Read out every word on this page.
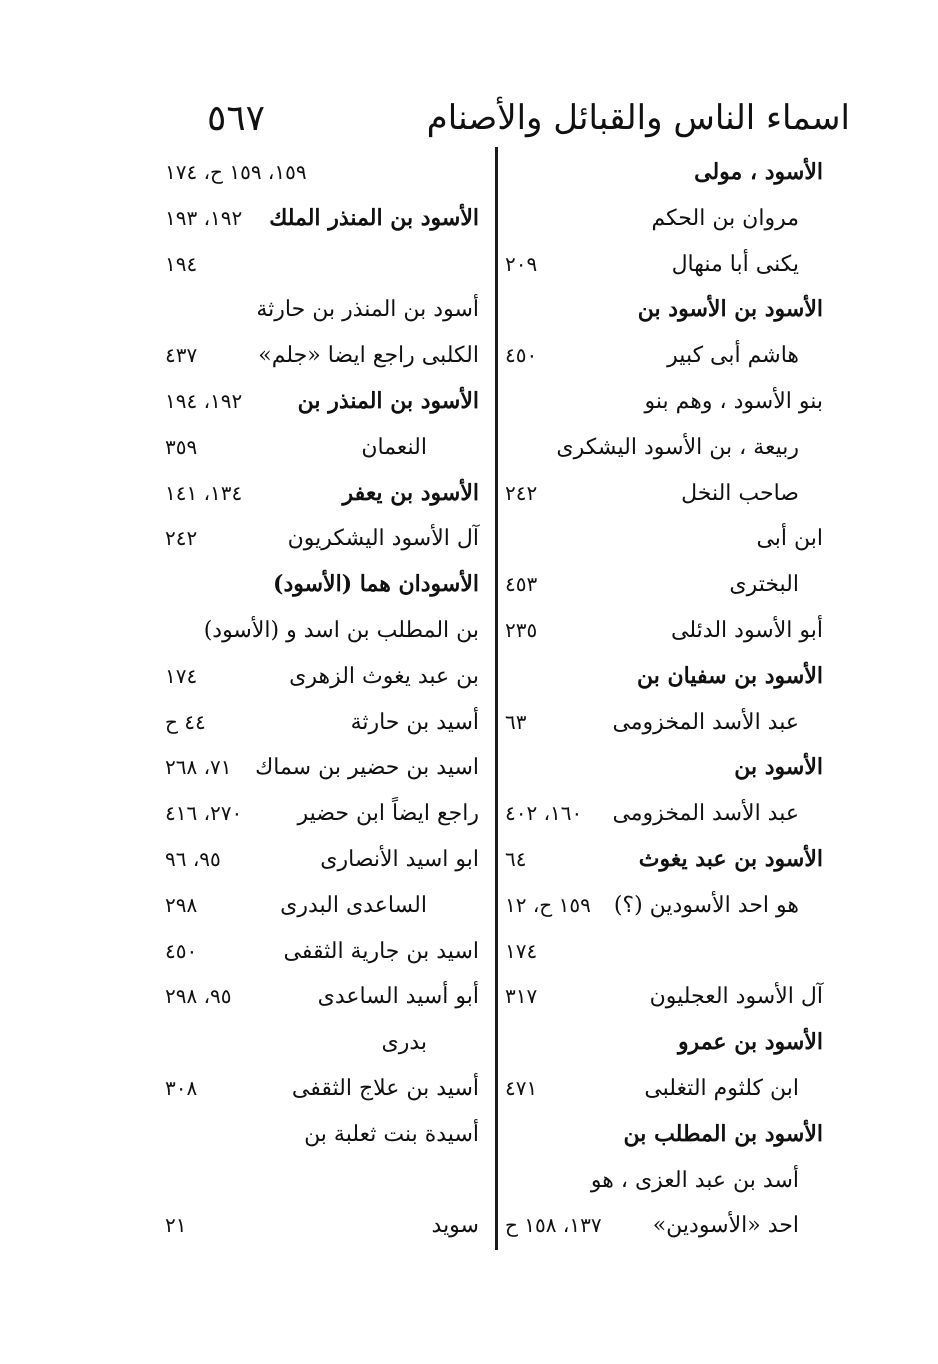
اسماء الناس والقبائل والأصنام
٥٦٧
الأسود ، مولى
مروان بن الحكم
يكنى أبا منهال
٢٠٩
الأسود بن الأسود بن
هاشم أبى كبير
٤٥٠
بنو الأسود ، وهم بنو
ربيعة ، بن الأسود اليشكرى
صاحب النخل
٢٤٢
ابن أبى
البخترى
٤٥٣
أبو الأسود الدئلى
٢٣٥
الأسود بن سفيان بن
عبد الأسد المخزومى
٦٣
الأسود بن
عبد الأسد المخزومى
١٦٠، ٤٠٢
الأسود بن عبد يغوث
٦٤
هو احد الأسودين (؟)
١٥٩ ح، ١٢
١٧٤
آل الأسود العجليون
٣١٧
الأسود بن عمرو
ابن كلثوم التغلبى
٤٧١
الأسود بن المطلب بن
أسد بن عبد العزى ، هو
احد «الأسودين»
١٣٧، ١٥٨ ح
١٥٩، ١٥٩ ح، ١٧٤
الأسود بن المنذر الملك
١٩٢، ١٩٣
١٩٤
أسود بن المنذر بن حارثة
الكلبى راجع ايضا «جلم»
٤٣٧
الأسود بن المنذر بن
١٩٢، ١٩٤
النعمان
٣٥٩
الأسود بن يعفر
١٣٤، ١٤١
آل الأسود اليشكريون
٢٤٢
الأسودان هما (الأسود)
بن المطلب بن اسد و (الأسود)
بن عبد يغوث الزهرى
١٧٤
أسيد بن حارثة
٤٤ ح
اسيد بن حضير بن سماك
٧١، ٢٦٨
راجع ايضاً ابن حضير
٢٧٠، ٤١٦
ابو اسيد الأنصارى
٩٥، ٩٦
الساعدى البدرى
٢٩٨
اسيد بن جارية الثقفى
٤٥٠
أبو أسيد الساعدى
٩٥، ٢٩٨
بدرى
أسيد بن علاج الثقفى
٣٠٨
أسيدة بنت ثعلبة بن
سويد
٢١
